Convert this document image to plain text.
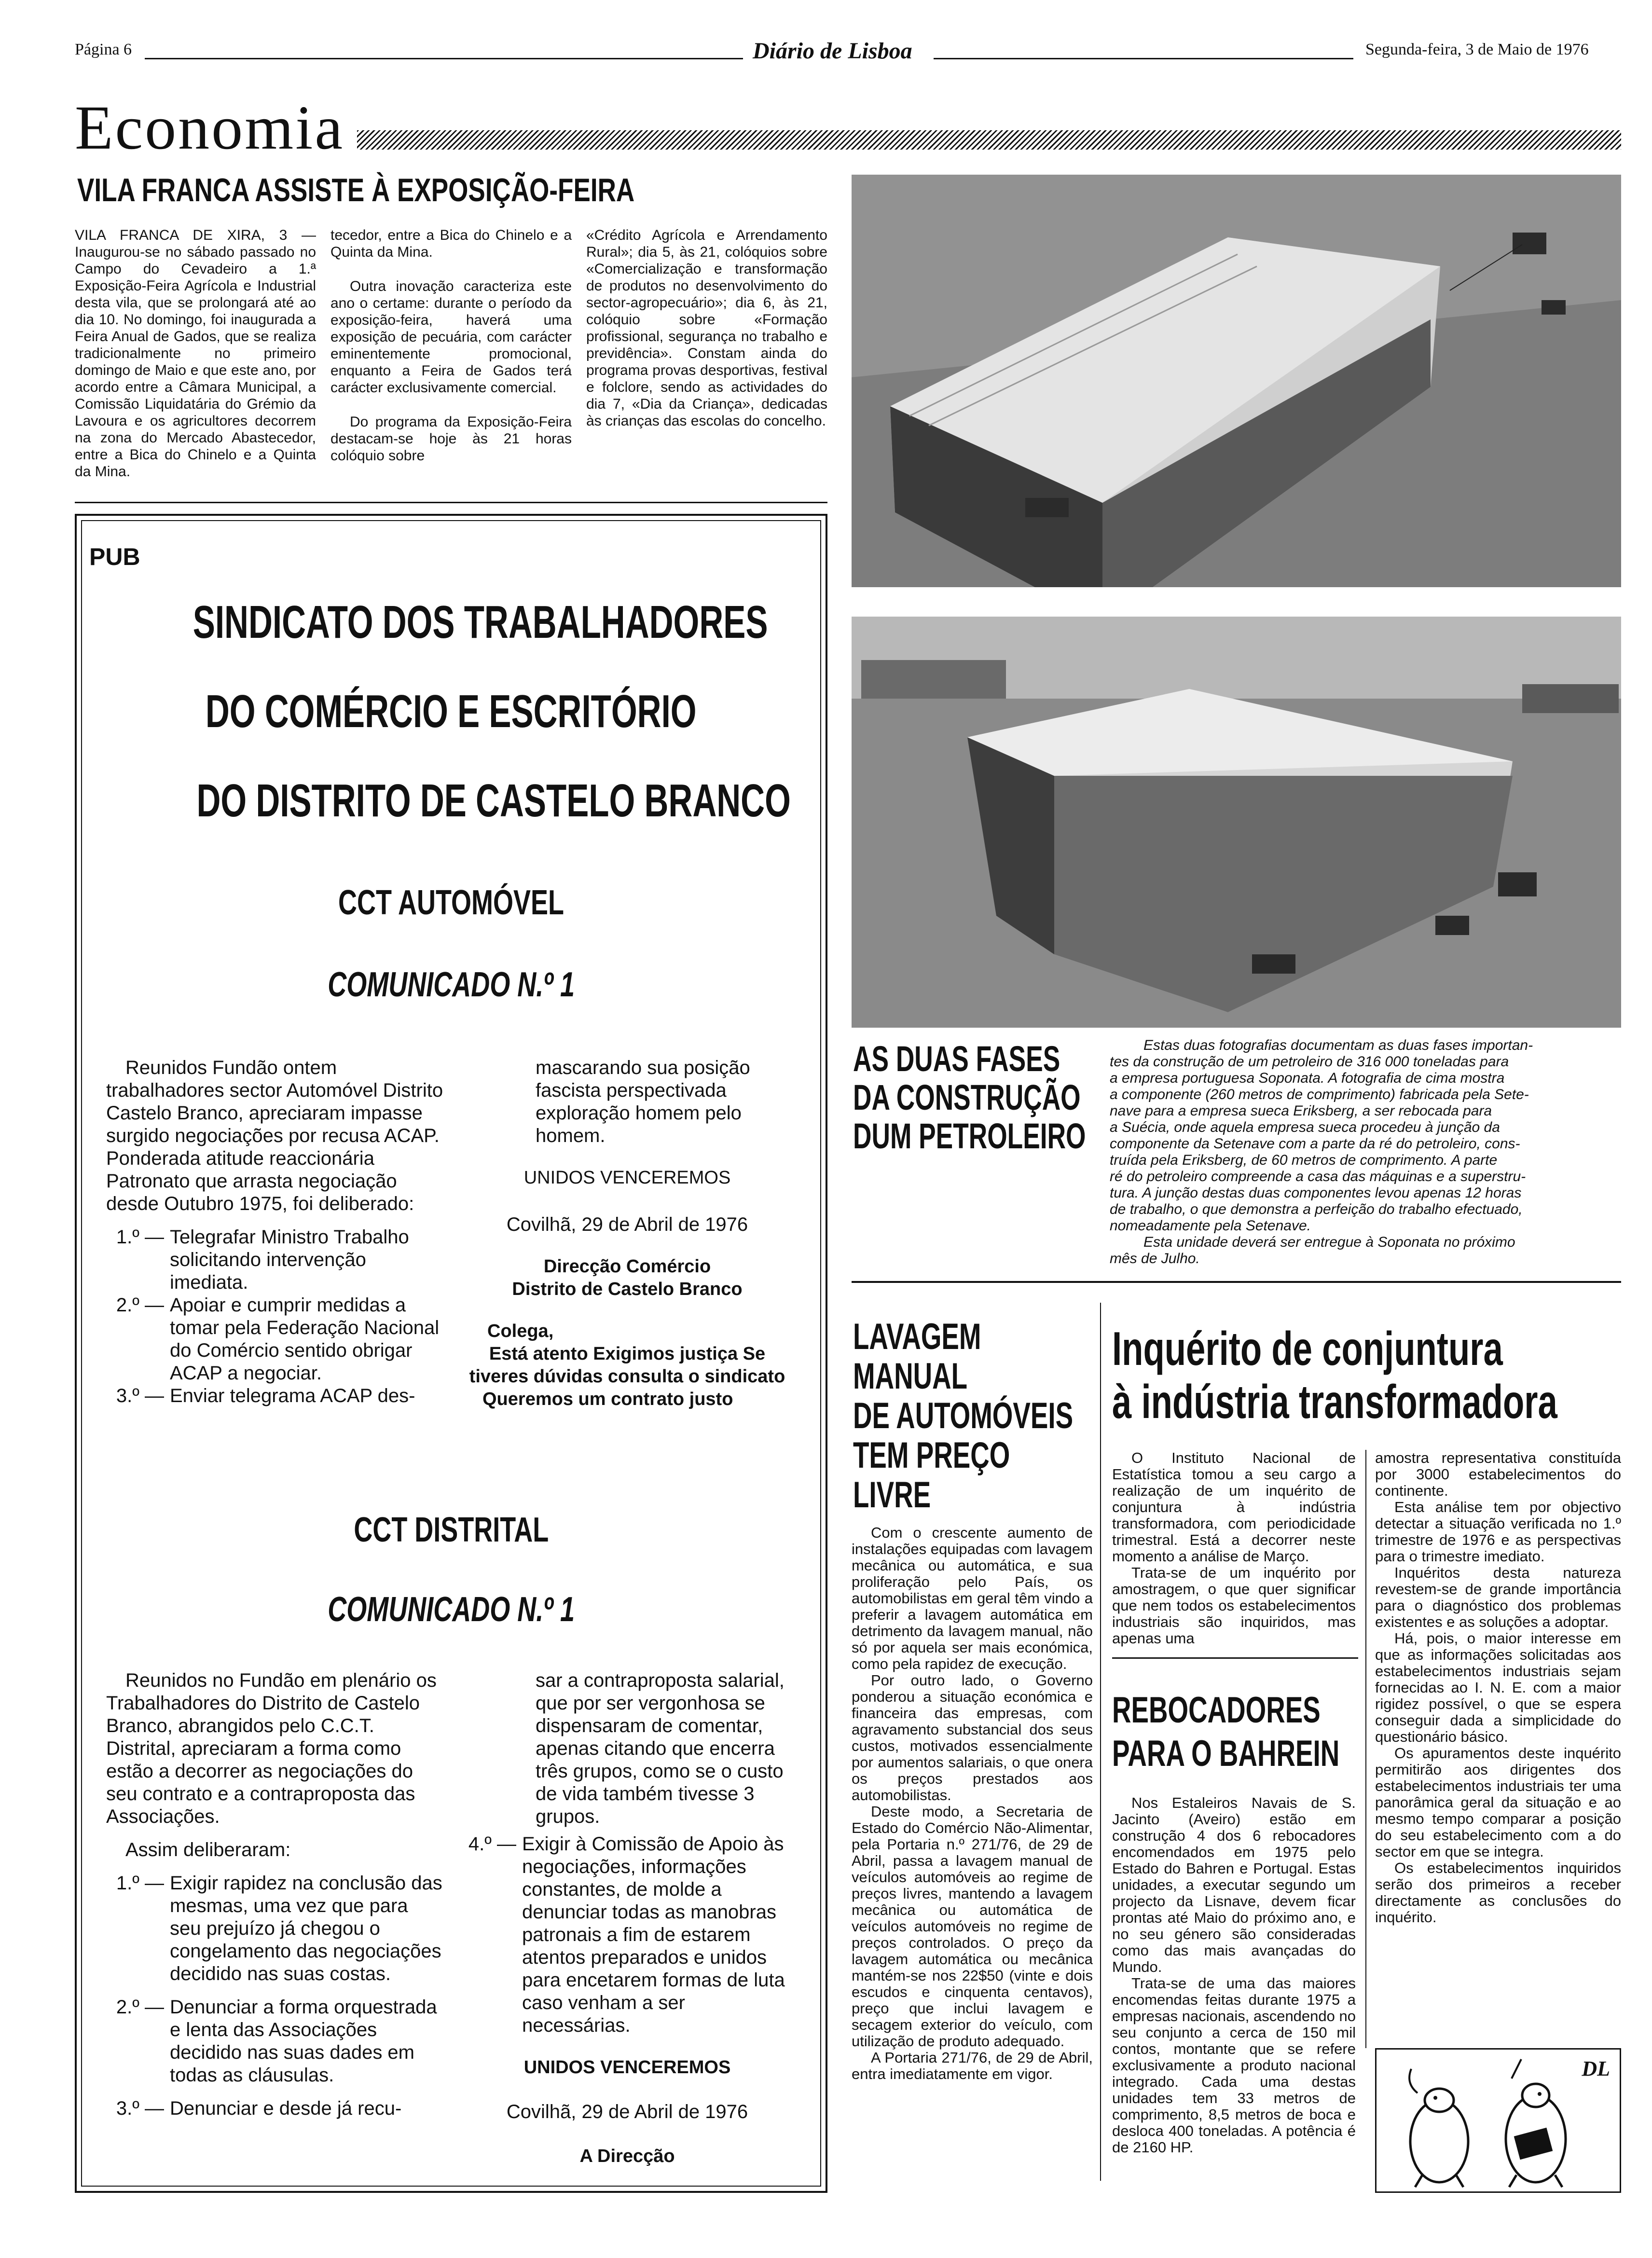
Página 6	Diário de Lisboa	Segunda-feira, 3 de Maio de 1976
Economia
VILA FRANCA ASSISTE À EXPOSIÇÃO-FEIRA
VILA FRANCA DE XIRA, 3 — Inaugurou-se no sábado passado no Campo do Cevadeiro a 1.ª Exposição-Feira Agrícola e Industrial desta vila, que se prolongará até ao dia 10. No domingo, foi inaugurada a Feira Anual de Gados, que se realiza tradicionalmente no primeiro domingo de Maio e que este ano, por acordo entre a Câmara Municipal, a Comissão Liquidatária do Grémio da Lavoura e os agricultores decorrem na zona do Mercado Abastecedor, entre a Bica do Chinelo e a Quinta da Mina.

tecedor, entre a Bica do Chinelo e a Quinta da Mina.

Outra inovação caracteriza este ano o certame: durante o período da exposição-feira, haverá uma exposição de pecuária, com carácter eminentemente promocional, enquanto a Feira de Gados terá carácter exclusivamente comercial.

Do programa da Exposição-Feira destacam-se hoje às 21 horas colóquio sobre

«Crédito Agrícola e Arrendamento Rural»; dia 5, às 21, colóquios sobre «Comercialização e transformação de produtos no desenvolvimento do sector-agropecuário»; dia 6, às 21, colóquio sobre «Formação profissional, segurança no trabalho e previdência». Constam ainda do programa provas desportivas, festival e folclore, sendo as actividades do dia 7, «Dia da Criança», dedicadas às crianças das escolas do concelho.
AS DUAS FASES
DA CONSTRUÇÃO
DUM PETROLEIRO
Estas duas fotografias documentam as duas fases importan-
tes da construção de um petroleiro de 316 000 toneladas para
a empresa portuguesa Soponata. A fotografia de cima mostra
a componente (260 metros de comprimento) fabricada pela Sete-
nave para a empresa sueca Eriksberg, a ser rebocada para
a Suécia, onde aquela empresa sueca procedeu à junção da
componente da Setenave com a parte da ré do petroleiro, cons-
truída pela Eriksberg, de 60 metros de comprimento. A parte
ré do petroleiro compreende a casa das máquinas e a superstru-
tura. A junção destas duas componentes levou apenas 12 horas
de trabalho, o que demonstra a perfeição do trabalho efectuado,
nomeadamente pela Setenave.
Esta unidade deverá ser entregue à Soponata no próximo
mês de Julho.
PUB
SINDICATO DOS TRABALHADORES
DO COMÉRCIO E ESCRITÓRIO
DO DISTRITO DE CASTELO BRANCO
CCT AUTOMÓVEL
COMUNICADO N.º 1

Reunidos Fundão ontem trabalhadores sector Automóvel Distrito Castelo Branco, apreciaram impasse surgido negociações por recusa ACAP. Ponderada atitude reaccionária Patronato que arrasta negociação desde Outubro 1975, foi deliberado:

1.º — Telegrafar Ministro Trabalho solicitando intervenção imediata.
2.º — Apoiar e cumprir medidas a tomar pela Federação Nacional do Comércio sentido obrigar ACAP a negociar.
3.º — Enviar telegrama ACAP des-

mascarando sua posição fascista perspectivada exploração homem pelo homem.

UNIDOS VENCEREMOS

Covilhã, 29 de Abril de 1976

Direcção Comércio

Distrito de Castelo Branco

Colega,

Está atento Exigimos justiça Se tiveres dúvidas consulta o sindicato

Queremos um contrato justo

CCT DISTRITAL
COMUNICADO N.º 1

Reunidos no Fundão em plenário os Trabalhadores do Distrito de Castelo Branco, abrangidos pelo C.C.T. Distrital, apreciaram a forma como estão a decorrer as negociações do seu contrato e a contraproposta das Associações.

Assim deliberaram:

1.º — Exigir rapidez na conclusão das mesmas, uma vez que para seu prejuízo já chegou o congelamento das negociações decidido nas suas costas.
2.º — Denunciar a forma orquestrada e lenta das Associações decidido nas suas dades em todas as cláusulas.
3.º — Denunciar e desde já recu-

sar a contraproposta salarial, que por ser vergonhosa se dispensaram de comentar, apenas citando que encerra três grupos, como se o custo de vida também tivesse 3 grupos.

4.º — Exigir à Comissão de Apoio às negociações, informações constantes, de molde a denunciar todas as manobras patronais a fim de estarem atentos preparados e unidos para encetarem formas de luta caso venham a ser necessárias.

UNIDOS VENCEREMOS

Covilhã, 29 de Abril de 1976

A Direcção

LAVAGEM
MANUAL
DE AUTOMÓVEIS
TEM PREÇO
LIVRE

Com o crescente aumento de instalações equipadas com lavagem mecânica ou automática, e sua proliferação pelo País, os automobilistas em geral têm vindo a preferir a lavagem automática em detrimento da lavagem manual, não só por aquela ser mais económica, como pela rapidez de execução.

Por outro lado, o Governo ponderou a situação económica e financeira das empresas, com agravamento substancial dos seus custos, motivados essencialmente por aumentos salariais, o que onera os preços prestados aos automobilistas.

Deste modo, a Secretaria de Estado do Comércio Não-Alimentar, pela Portaria n.º 271/76, de 29 de Abril, passa a lavagem manual de veículos automóveis ao regime de preços livres, mantendo a lavagem mecânica ou automática de veículos automóveis no regime de preços controlados. O preço da lavagem automática ou mecânica mantém-se nos 22$50 (vinte e dois escudos e cinquenta centavos), preço que inclui lavagem e secagem exterior do veículo, com utilização de produto adequado.

A Portaria 271/76, de 29 de Abril, entra imediatamente em vigor.

Inquérito de conjuntura
à indústria transformadora

O Instituto Nacional de Estatística tomou a seu cargo a realização de um inquérito de conjuntura à indústria transformadora, com periodicidade trimestral. Está a decorrer neste momento a análise de Março.

Trata-se de um inquérito por amostragem, o que quer significar que nem todos os estabelecimentos industriais são inquiridos, mas apenas uma

amostra representativa constituída por 3000 estabelecimentos do continente.

Esta análise tem por objectivo detectar a situação verificada no 1.º trimestre de 1976 e as perspectivas para o trimestre imediato.

Inquéritos desta natureza revestem-se de grande importância para o diagnóstico dos problemas existentes e as soluções a adoptar.

Há, pois, o maior interesse em que as informações solicitadas aos estabelecimentos industriais sejam fornecidas ao I. N. E. com a maior rigidez possível, o que se espera conseguir dada a simplicidade do questionário básico.

Os apuramentos deste inquérito permitirão aos dirigentes dos estabelecimentos industriais ter uma panorâmica geral da situação e ao mesmo tempo comparar a posição do seu estabelecimento com a do sector em que se integra.

Os estabelecimentos inquiridos serão dos primeiros a receber directamente as conclusões do inquérito.

REBOCADORES
PARA O BAHREIN

Nos Estaleiros Navais de S. Jacinto (Aveiro) estão em construção 4 dos 6 rebocadores encomendados em 1975 pelo Estado do Bahren e Portugal. Estas unidades, a executar segundo um projecto da Lisnave, devem ficar prontas até Maio do próximo ano, e no seu género são consideradas como das mais avançadas do Mundo.

Trata-se de uma das maiores encomendas feitas durante 1975 a empresas nacionais, ascendendo no seu conjunto a cerca de 150 mil contos, montante que se refere exclusivamente a produto nacional integrado. Cada uma destas unidades tem 33 metros de comprimento, 8,5 metros de boca e desloca 400 toneladas. A potência é de 2160 HP.

DL
